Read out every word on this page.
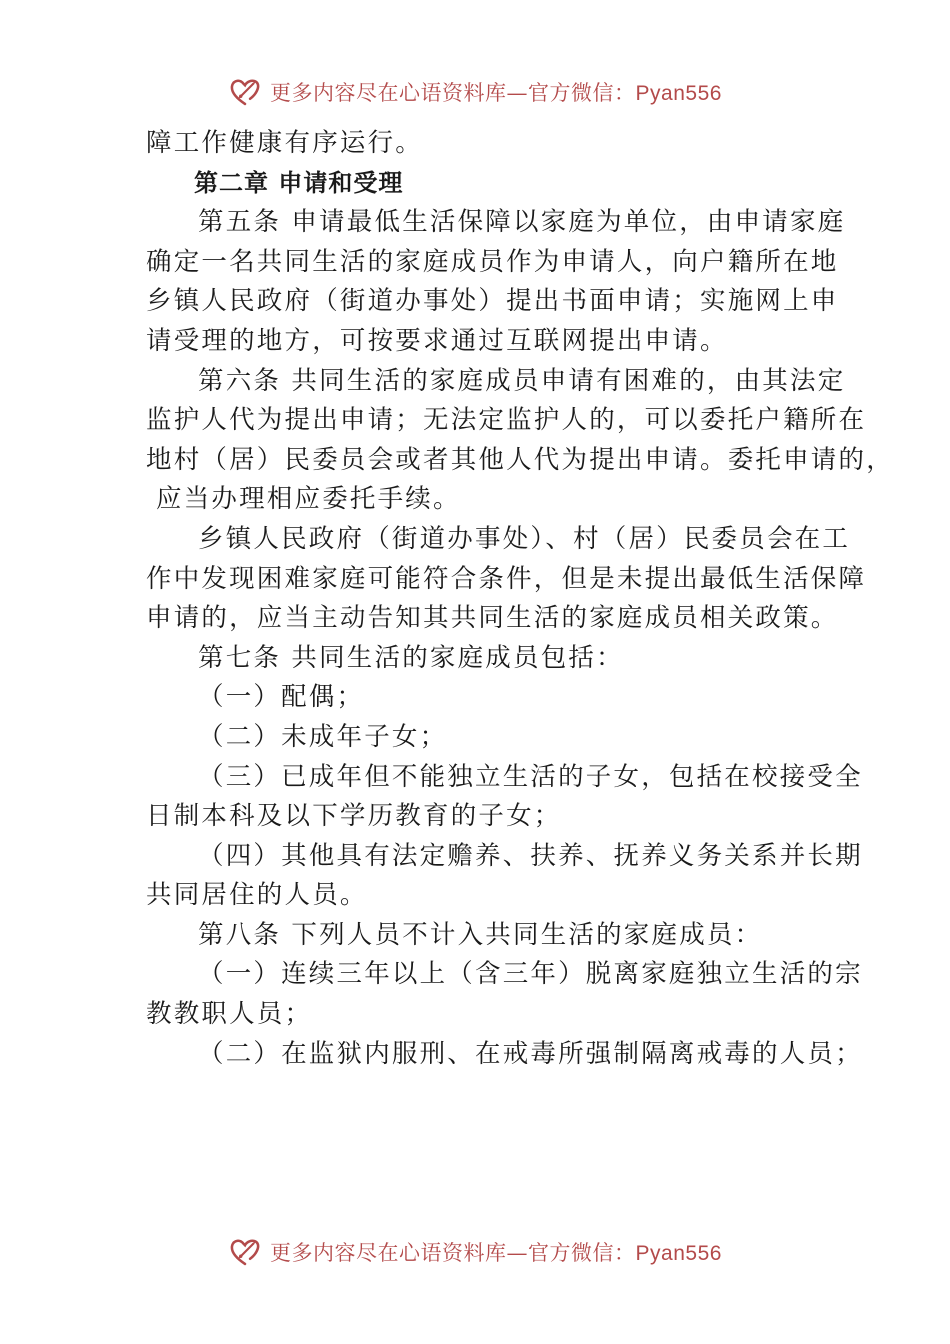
更多内容尽在心语资料库—官方微信：Pyan556
障工作健康有序运行。
第二章 申请和受理
第五条 申请最低生活保障以家庭为单位，由申请家庭
确定一名共同生活的家庭成员作为申请人，向户籍所在地
乡镇人民政府（街道办事处）提出书面申请；实施网上申
请受理的地方，可按要求通过互联网提出申请。
第六条 共同生活的家庭成员申请有困难的，由其法定
监护人代为提出申请；无法定监护人的，可以委托户籍所在
地村（居）民委员会或者其他人代为提出申请。委托申请的，
应当办理相应委托手续。
乡镇人民政府（街道办事处）、村（居）民委员会在工
作中发现困难家庭可能符合条件，但是未提出最低生活保障
申请的，应当主动告知其共同生活的家庭成员相关政策。
第七条 共同生活的家庭成员包括：
（一）配偶；
（二）未成年子女；
（三）已成年但不能独立生活的子女，包括在校接受全
日制本科及以下学历教育的子女；
（四）其他具有法定赡养、扶养、抚养义务关系并长期
共同居住的人员。
第八条 下列人员不计入共同生活的家庭成员：
（一）连续三年以上（含三年）脱离家庭独立生活的宗
教教职人员；
（二）在监狱内服刑、在戒毒所强制隔离戒毒的人员；
更多内容尽在心语资料库—官方微信：Pyan556
